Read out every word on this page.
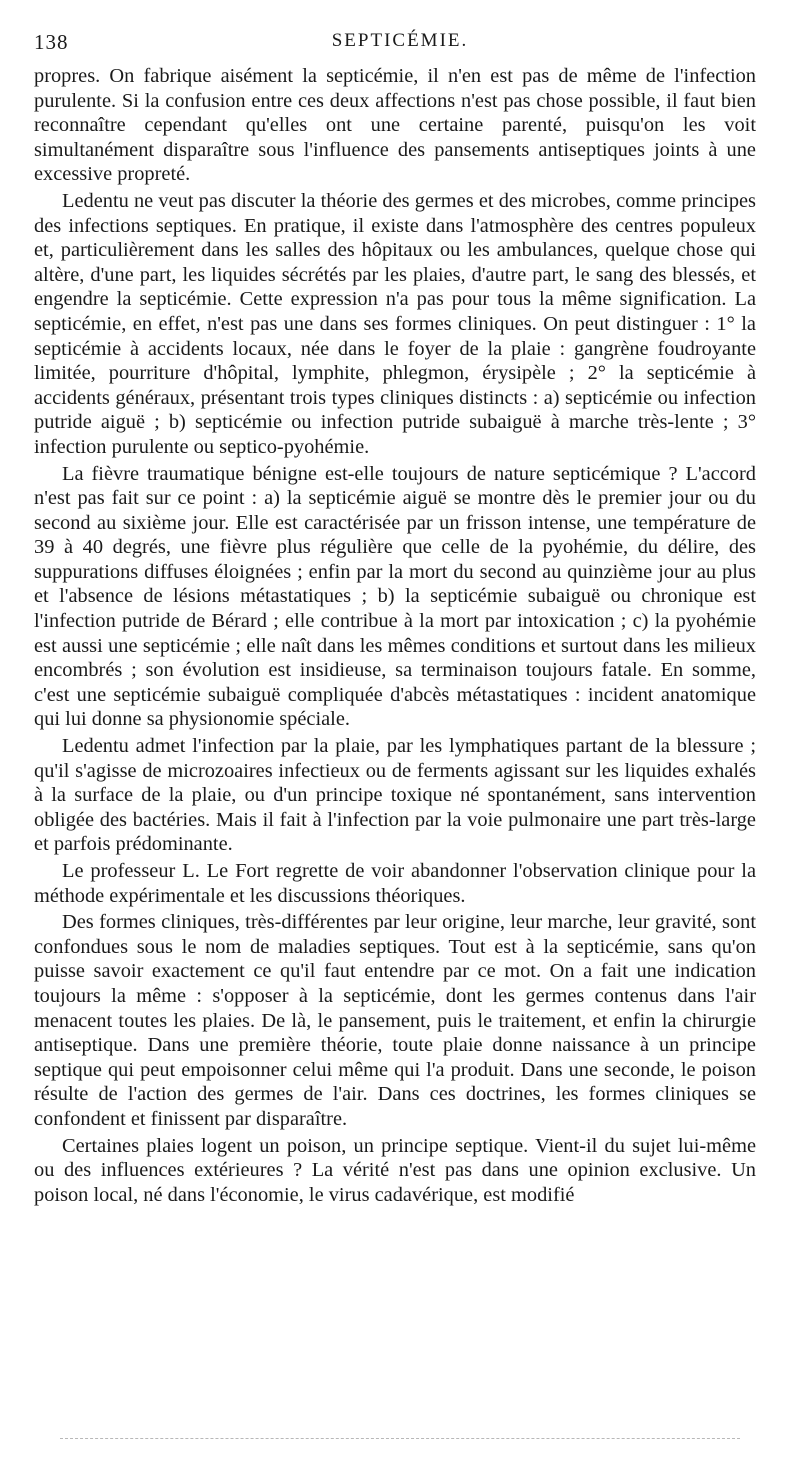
138	SEPTICÉMIE.

propres. On fabrique aisément la septicémie, il n'en est pas de même de l'infection purulente. Si la confusion entre ces deux affections n'est pas chose possible, il faut bien reconnaître cependant qu'elles ont une certaine parenté, puisqu'on les voit simultanément disparaître sous l'influence des pansements antiseptiques joints à une excessive propreté.

Ledentu ne veut pas discuter la théorie des germes et des microbes, comme principes des infections septiques. En pratique, il existe dans l'atmosphère des centres populeux et, particulièrement dans les salles des hôpitaux ou les ambulances, quelque chose qui altère, d'une part, les liquides sécrétés par les plaies, d'autre part, le sang des blessés, et engendre la septicémie. Cette expression n'a pas pour tous la même signification. La septicémie, en effet, n'est pas une dans ses formes cliniques. On peut distinguer : 1° la septicémie à accidents locaux, née dans le foyer de la plaie : gangrène foudroyante limitée, pourriture d'hôpital, lymphite, phlegmon, érysipèle ; 2° la septicémie à accidents généraux, présentant trois types cliniques distincts : a) septicémie ou infection putride aiguë ; b) septicémie ou infection putride subaiguë à marche très-lente ; 3° infection purulente ou septico-pyohémie.

La fièvre traumatique bénigne est-elle toujours de nature septicémique ? L'accord n'est pas fait sur ce point : a) la septicémie aiguë se montre dès le premier jour ou du second au sixième jour. Elle est caractérisée par un frisson intense, une température de 39 à 40 degrés, une fièvre plus régulière que celle de la pyohémie, du délire, des suppurations diffuses éloignées ; enfin par la mort du second au quinzième jour au plus et l'absence de lésions métastatiques ; b) la septicémie subaiguë ou chronique est l'infection putride de Bérard ; elle contribue à la mort par intoxication ; c) la pyohémie est aussi une septicémie ; elle naît dans les mêmes conditions et surtout dans les milieux encombrés ; son évolution est insidieuse, sa terminaison toujours fatale. En somme, c'est une septicémie subaiguë compliquée d'abcès métastatiques : incident anatomique qui lui donne sa physionomie spéciale.

Ledentu admet l'infection par la plaie, par les lymphatiques partant de la blessure ; qu'il s'agisse de microzoaires infectieux ou de ferments agissant sur les liquides exhalés à la surface de la plaie, ou d'un principe toxique né spontanément, sans intervention obligée des bactéries. Mais il fait à l'infection par la voie pulmonaire une part très-large et parfois prédominante.

Le professeur L. Le Fort regrette de voir abandonner l'observation clinique pour la méthode expérimentale et les discussions théoriques.

Des formes cliniques, très-différentes par leur origine, leur marche, leur gravité, sont confondues sous le nom de maladies septiques. Tout est à la septicémie, sans qu'on puisse savoir exactement ce qu'il faut entendre par ce mot. On a fait une indication toujours la même : s'opposer à la septicémie, dont les germes contenus dans l'air menacent toutes les plaies. De là, le pansement, puis le traitement, et enfin la chirurgie antiseptique. Dans une première théorie, toute plaie donne naissance à un principe septique qui peut empoisonner celui même qui l'a produit. Dans une seconde, le poison résulte de l'action des germes de l'air. Dans ces doctrines, les formes cliniques se confondent et finissent par disparaître.

Certaines plaies logent un poison, un principe septique. Vient-il du sujet lui-même ou des influences extérieures ? La vérité n'est pas dans une opinion exclusive. Un poison local, né dans l'économie, le virus cadavérique, est modifié
